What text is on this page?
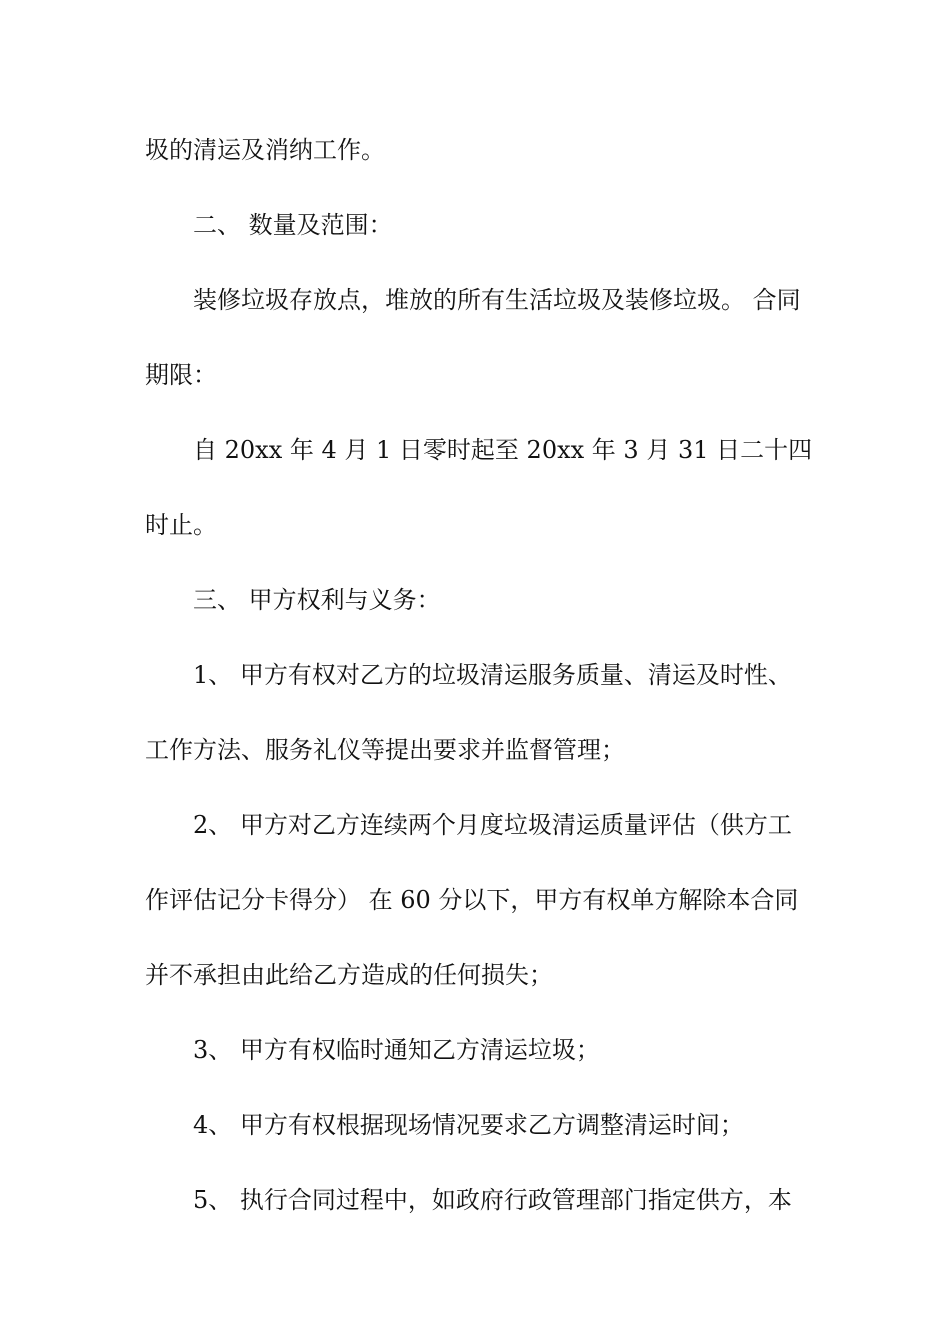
圾的清运及消纳工作。
二、 数量及范围：
装修垃圾存放点，堆放的所有生活垃圾及装修垃圾。 合同
期限：
自 20xx 年 4 月 1 日零时起至 20xx 年 3 月 31 日二十四
时止。
三、 甲方权利与义务：
1、 甲方有权对乙方的垃圾清运服务质量、清运及时性、
工作方法、服务礼仪等提出要求并监督管理；
2、 甲方对乙方连续两个月度垃圾清运质量评估（供方工
作评估记分卡得分） 在 60 分以下，甲方有权单方解除本合同
并不承担由此给乙方造成的任何损失；
3、 甲方有权临时通知乙方清运垃圾；
4、 甲方有权根据现场情况要求乙方调整清运时间；
5、 执行合同过程中，如政府行政管理部门指定供方，本
